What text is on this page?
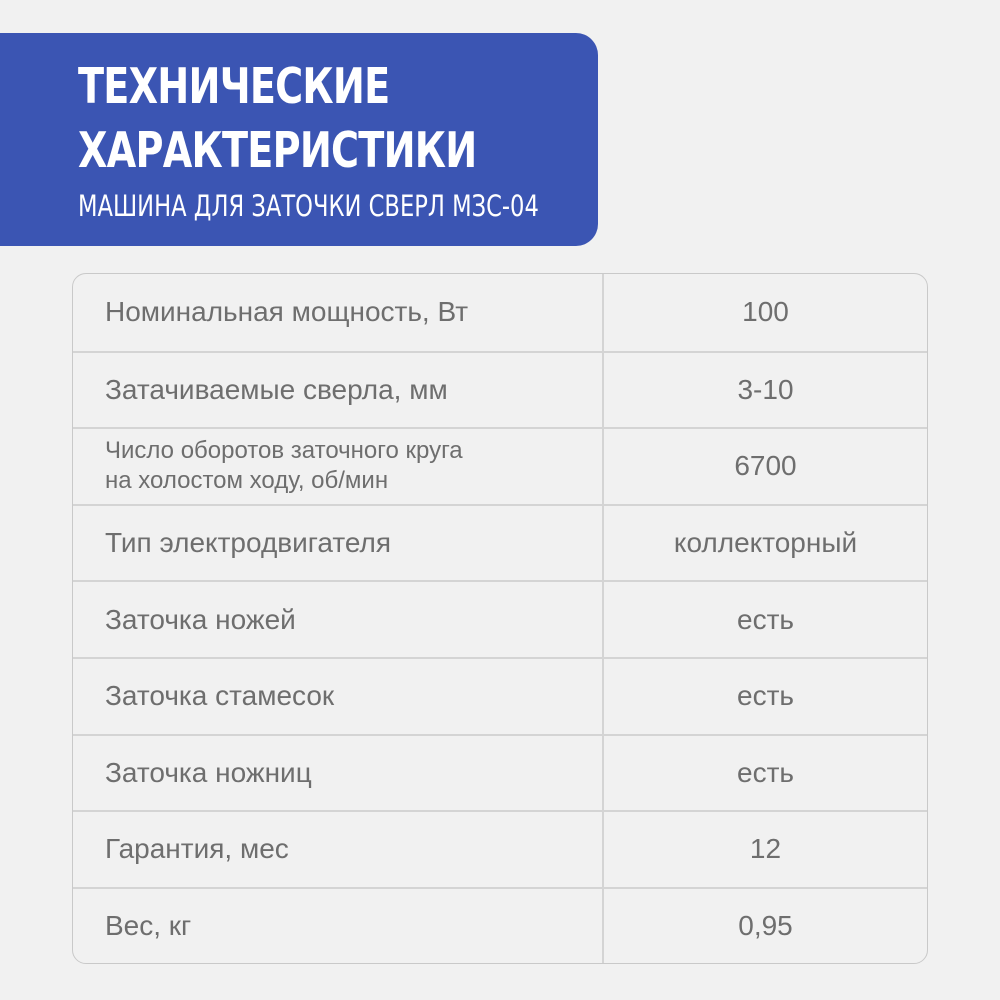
ТЕХНИЧЕСКИЕ
ХАРАКТЕРИСТИКИ
МАШИНА ДЛЯ ЗАТОЧКИ СВЕРЛ МЗС-04
Номинальная мощность, Вт	100
Затачиваемые сверла, мм	3-10
Число оборотов заточного круга
на холостом ходу, об/мин	6700
Тип электродвигателя	коллекторный
Заточка ножей	есть
Заточка стамесок	есть
Заточка ножниц	есть
Гарантия, мес	12
Вес, кг	0,95
